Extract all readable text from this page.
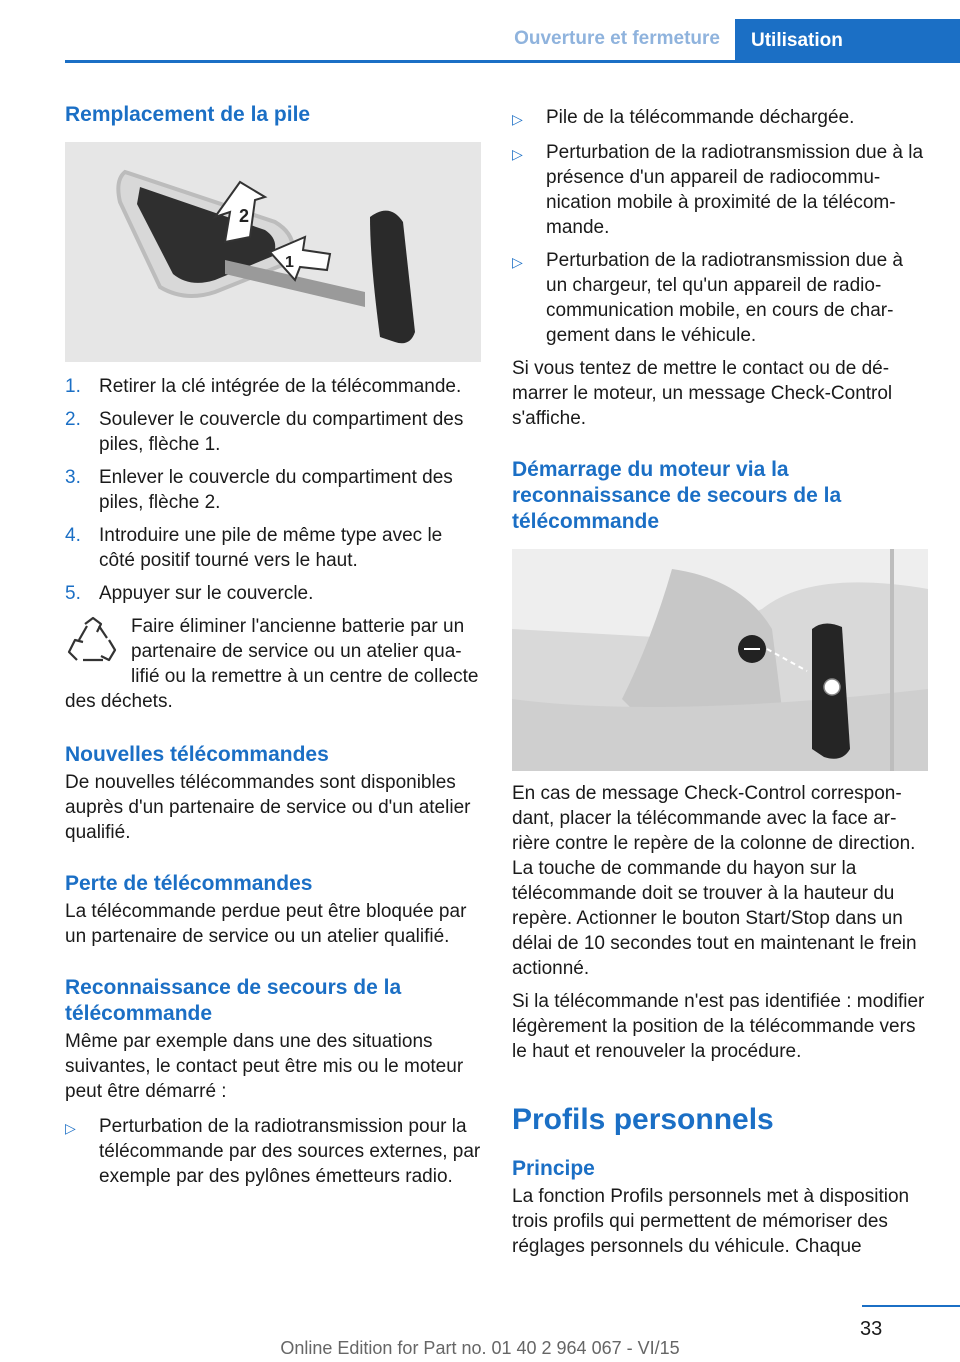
Ouverture et fermeture	Utilisation
Remplacement de la pile
2
1
1. Retirer la clé intégrée de la télécommande.
2. Soulever le couvercle du compartiment des piles, flèche 1.
3. Enlever le couvercle du compartiment des piles, flèche 2.
4. Introduire une pile de même type avec le côté positif tourné vers le haut.
5. Appuyer sur le couvercle.
Faire éliminer l'ancienne batterie par un partenaire de service ou un atelier qualifié ou la remettre à un centre de collecte des déchets.
Nouvelles télécommandes
De nouvelles télécommandes sont disponibles auprès d'un partenaire de service ou d'un atelier qualifié.
Perte de télécommandes
La télécommande perdue peut être bloquée par un partenaire de service ou un atelier qualifié.
Reconnaissance de secours de la télécommande
Même par exemple dans une des situations suivantes, le contact peut être mis ou le moteur peut être démarré :
▷	Perturbation de la radiotransmission pour la télécommande par des sources externes, par exemple par des pylônes émetteurs radio.
▷	Pile de la télécommande déchargée.
▷	Perturbation de la radiotransmission due à la présence d'un appareil de radiocommunication mobile à proximité de la télécommande.
▷	Perturbation de la radiotransmission due à un chargeur, tel qu'un appareil de radiocommunication mobile, en cours de chargement dans le véhicule.
Si vous tentez de mettre le contact ou de démarrer le moteur, un message Check-Control s'affiche.
Démarrage du moteur via la reconnaissance de secours de la télécommande
En cas de message Check-Control correspondant, placer la télécommande avec la face arrière contre le repère de la colonne de direction. La touche de commande du hayon sur la télécommande doit se trouver à la hauteur du repère. Actionner le bouton Start/Stop dans un délai de 10 secondes tout en maintenant le frein actionné.
Si la télécommande n'est pas identifiée : modifier légèrement la position de la télécommande vers le haut et renouveler la procédure.
Profils personnels
Principe
La fonction Profils personnels met à disposition trois profils qui permettent de mémoriser des réglages personnels du véhicule. Chaque
33
Online Edition for Part no. 01 40 2 964 067 - VI/15
